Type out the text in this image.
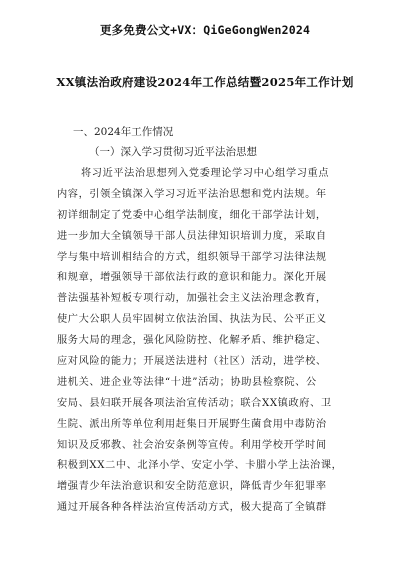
更多免费公文+VX：QiGeGongWen2024
XX镇法治政府建设2024年工作总结暨2025年工作计划
一、2024年工作情况
（一）深入学习贯彻习近平法治思想
将习近平法治思想列入党委理论学习中心组学习重点
内容，引领全镇深入学习习近平法治思想和党内法规。年
初详细制定了党委中心组学法制度，细化干部学法计划，
进一步加大全镇领导干部人员法律知识培训力度，采取自
学与集中培训相结合的方式，组织领导干部学习法律法规
和规章，增强领导干部依法行政的意识和能力。深化开展
普法强基补短板专项行动，加强社会主义法治理念教育，
使广大公职人员牢固树立依法治国、执法为民、公平正义
服务大局的理念，强化风险防控、化解矛盾、维护稳定、
应对风险的能力；开展送法进村（社区）活动，进学校、
进机关、进企业等法律“十进”活动；协助县检察院、公
安局、县妇联开展各项法治宣传活动；联合XX镇政府、卫
生院、派出所等单位利用赶集日开展野生菌食用中毒防治
知识及反邪教、社会治安条例等宣传。利用学校开学时间
积极到XX二中、北泽小学、安定小学、卡腊小学上法治课，
增强青少年法治意识和安全防范意识，降低青少年犯罪率
通过开展各种各样法治宣传活动方式，极大提高了全镇群
